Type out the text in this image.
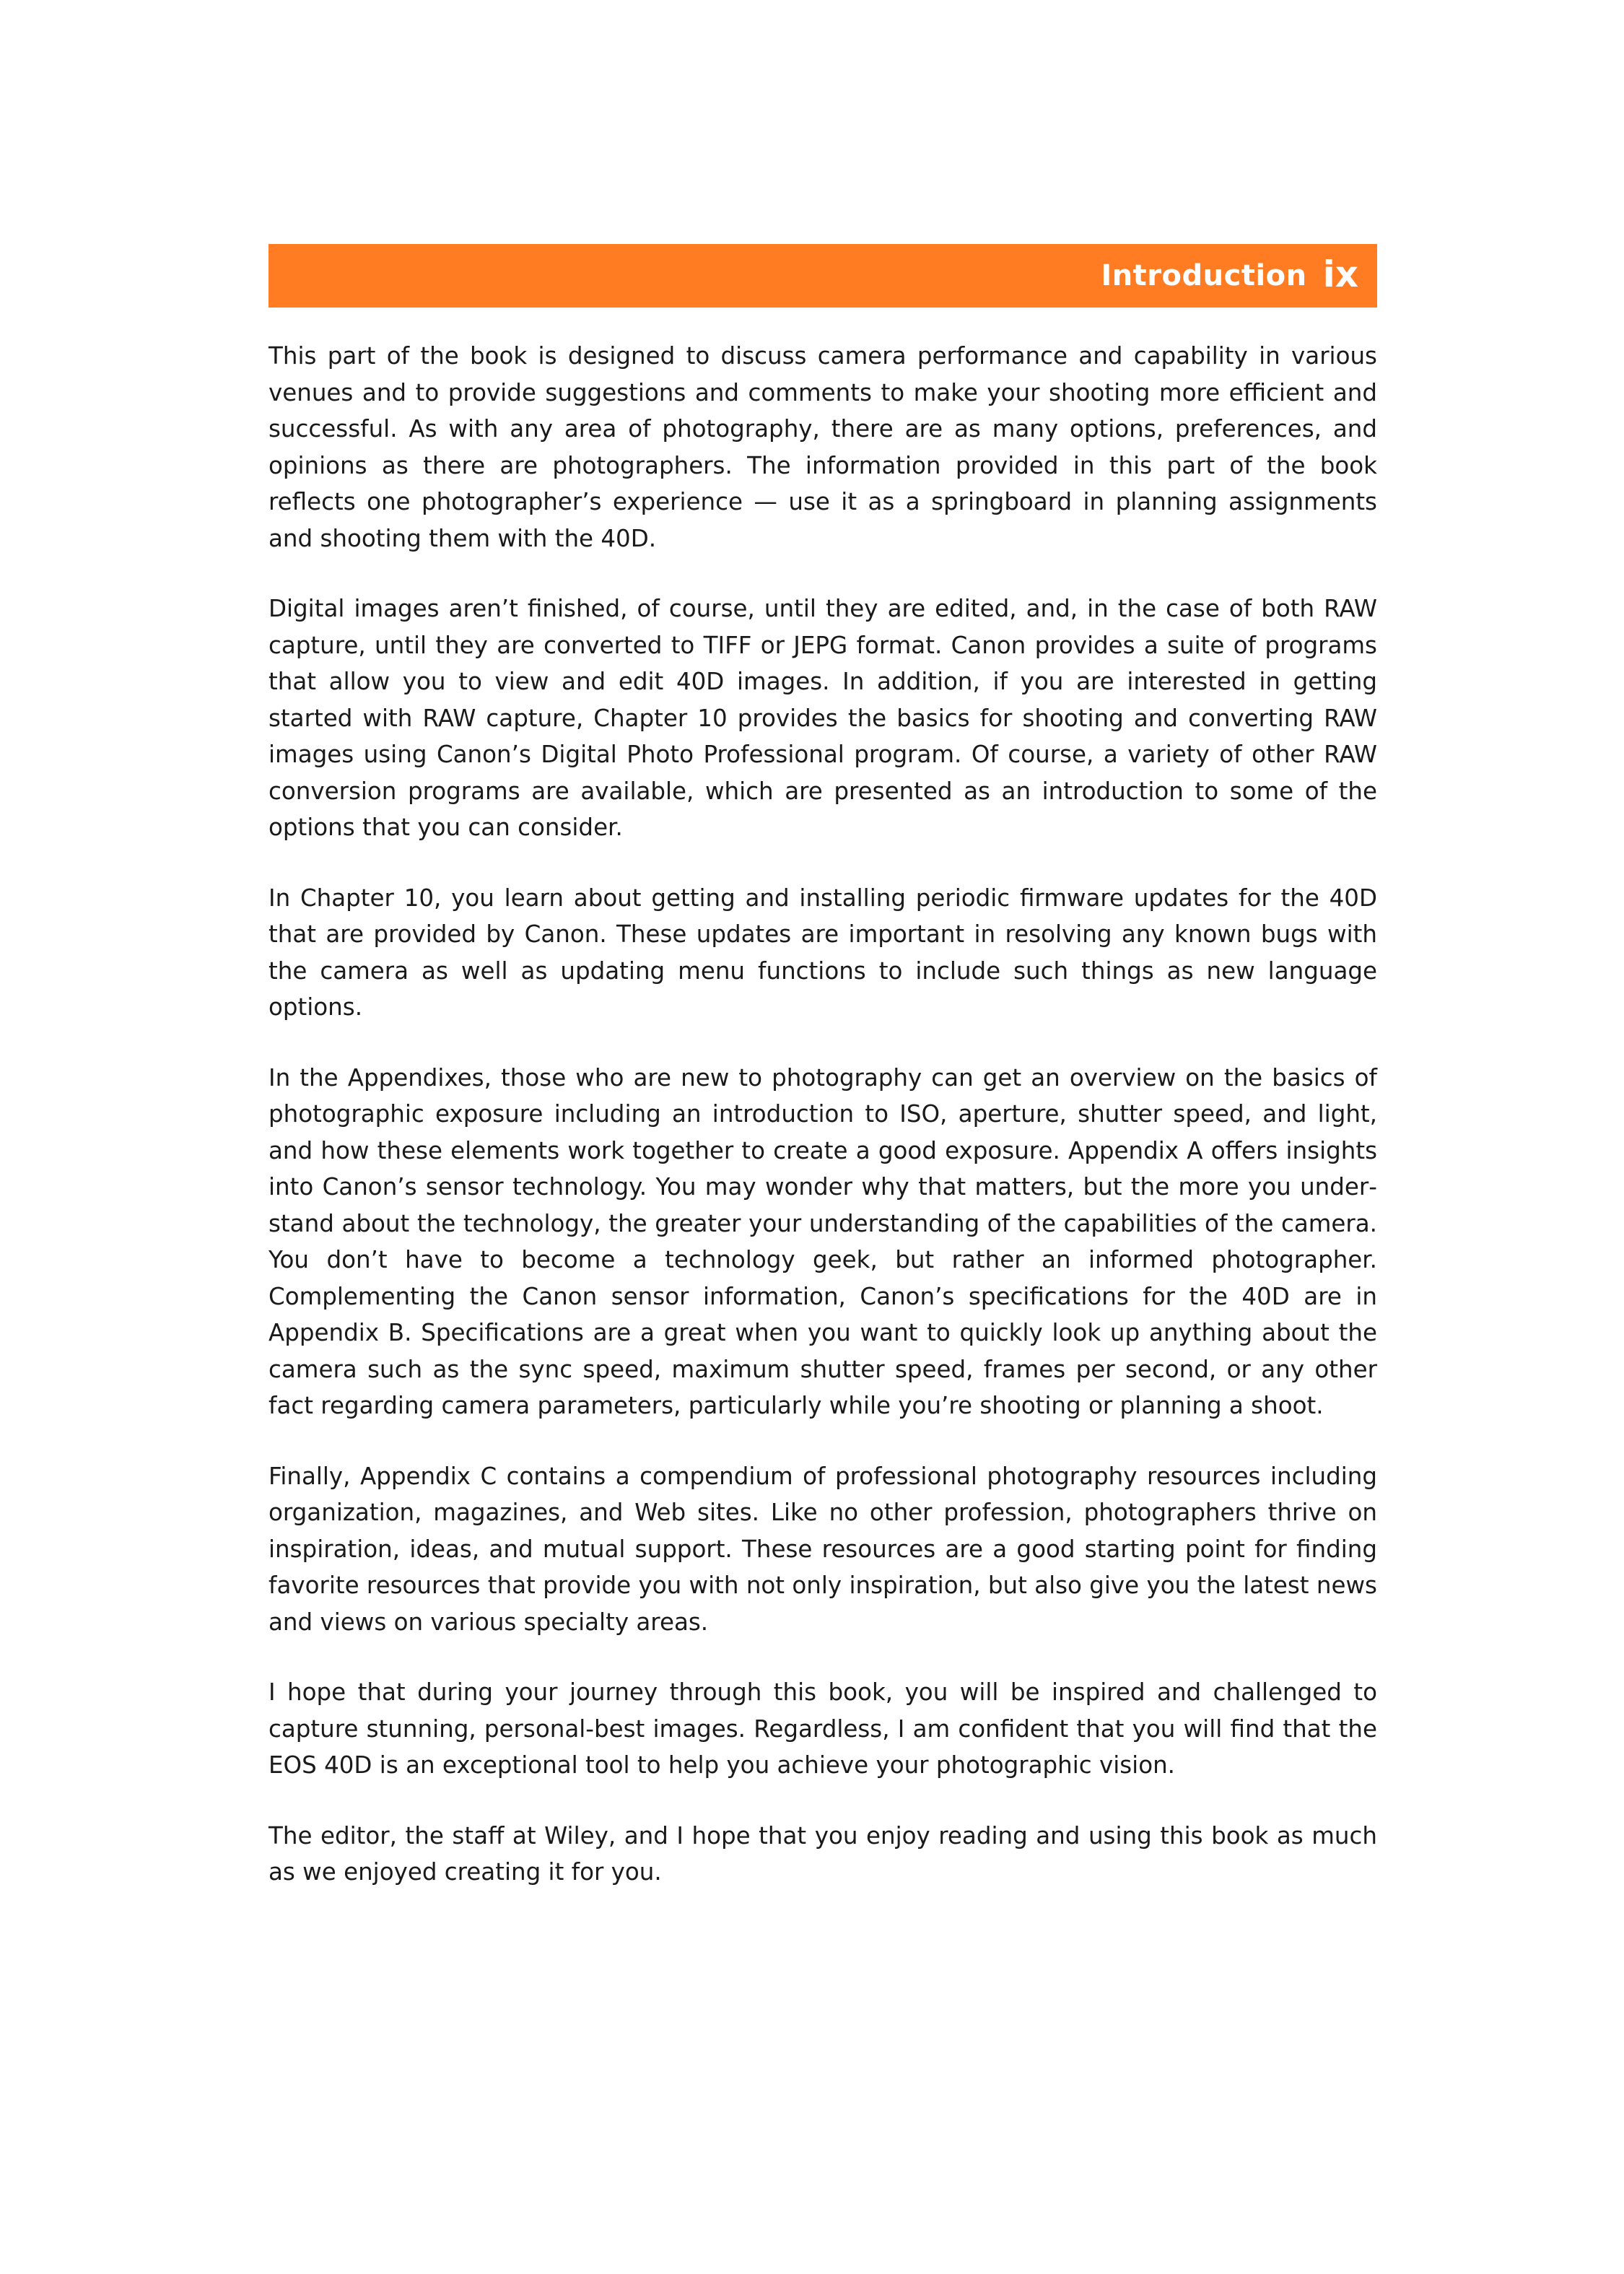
Introduction ix

This part of the book is designed to discuss camera performance and capability in various venues and to provide suggestions and comments to make your shooting more efficient and successful. As with any area of photography, there are as many options, preferences, and opinions as there are photographers. The information provided in this part of the book reflects one photographer’s experience — use it as a springboard in planning assignments and shooting them with the 40D.

Digital images aren’t finished, of course, until they are edited, and, in the case of both RAW capture, until they are converted to TIFF or JEPG format. Canon provides a suite of programs that allow you to view and edit 40D images. In addition, if you are interested in getting started with RAW capture, Chapter 10 provides the basics for shooting and converting RAW images using Canon’s Digital Photo Professional program. Of course, a variety of other RAW conversion programs are available, which are presented as an introduction to some of the options that you can consider.

In Chapter 10, you learn about getting and installing periodic firmware updates for the 40D that are provided by Canon. These updates are important in resolving any known bugs with the camera as well as updating menu functions to include such things as new language options.

In the Appendixes, those who are new to photography can get an overview on the basics of photographic exposure including an introduction to ISO, aperture, shutter speed, and light, and how these elements work together to create a good exposure. Appendix A offers insights into Canon’s sensor technology. You may wonder why that matters, but the more you understand about the technology, the greater your understanding of the capabilities of the camera. You don’t have to become a technology geek, but rather an informed photographer. Complementing the Canon sensor information, Canon’s specifications for the 40D are in Appendix B. Specifications are a great when you want to quickly look up anything about the camera such as the sync speed, maximum shutter speed, frames per second, or any other fact regarding camera parameters, particularly while you’re shooting or planning a shoot.

Finally, Appendix C contains a compendium of professional photography resources including organization, magazines, and Web sites. Like no other profession, photographers thrive on inspiration, ideas, and mutual support. These resources are a good starting point for finding favorite resources that provide you with not only inspiration, but also give you the latest news and views on various specialty areas.

I hope that during your journey through this book, you will be inspired and challenged to capture stunning, personal-best images. Regardless, I am confident that you will find that the EOS 40D is an exceptional tool to help you achieve your photographic vision.

The editor, the staff at Wiley, and I hope that you enjoy reading and using this book as much as we enjoyed creating it for you.
